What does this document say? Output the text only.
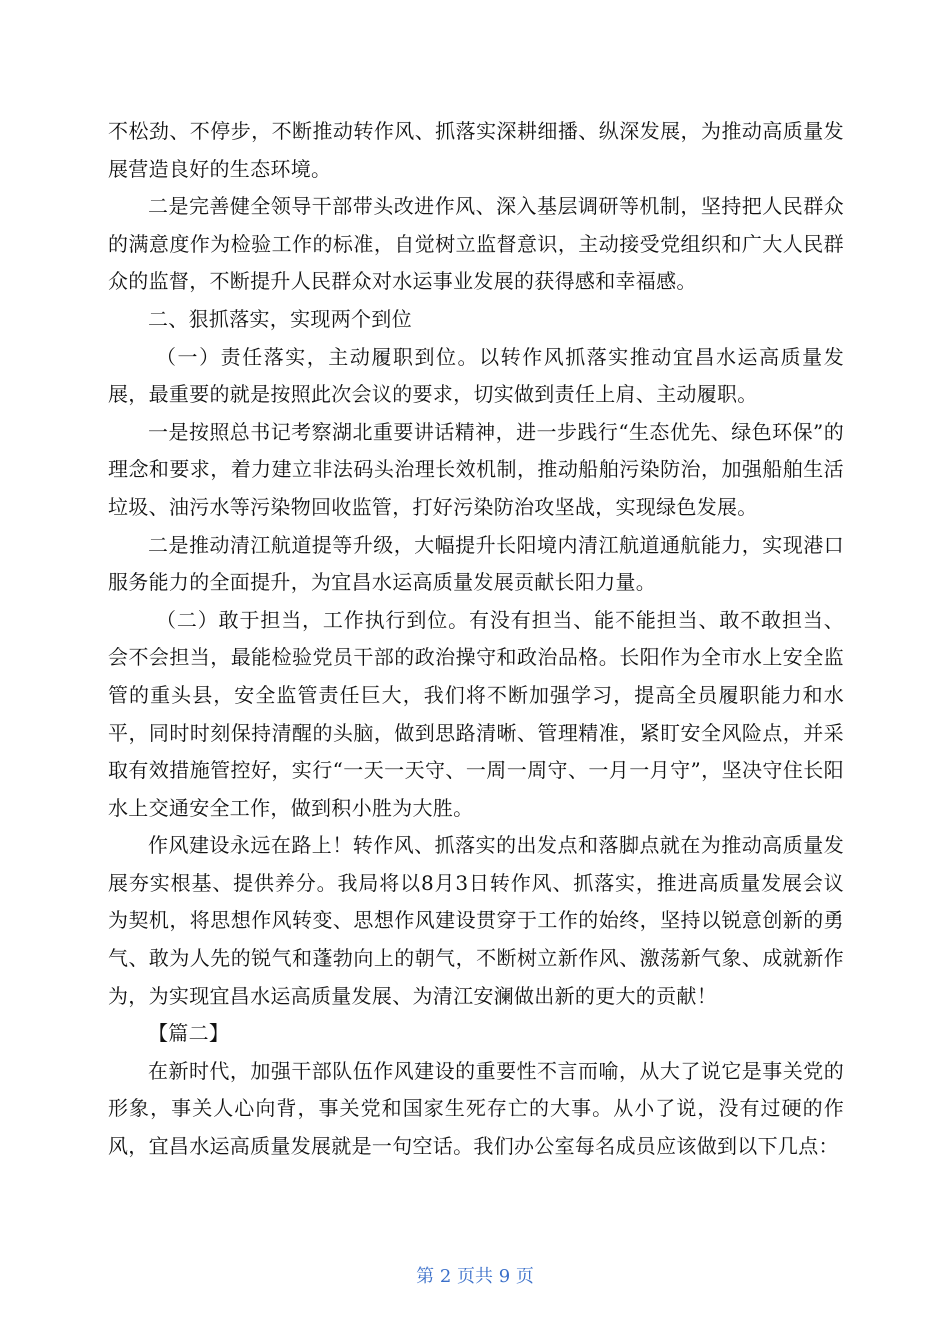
不松劲、不停步，不断推动转作风、抓落实深耕细播、纵深发展，为推动高质量发展营造良好的生态环境。

二是完善健全领导干部带头改进作风、深入基层调研等机制，坚持把人民群众的满意度作为检验工作的标准，自觉树立监督意识，主动接受党组织和广大人民群众的监督，不断提升人民群众对水运事业发展的获得感和幸福感。

二、狠抓落实，实现两个到位

（一）责任落实，主动履职到位。以转作风抓落实推动宜昌水运高质量发展，最重要的就是按照此次会议的要求，切实做到责任上肩、主动履职。

一是按照总书记考察湖北重要讲话精神，进一步践行“生态优先、绿色环保”的理念和要求，着力建立非法码头治理长效机制，推动船舶污染防治，加强船舶生活垃圾、油污水等污染物回收监管，打好污染防治攻坚战，实现绿色发展。

二是推动清江航道提等升级，大幅提升长阳境内清江航道通航能力，实现港口服务能力的全面提升，为宜昌水运高质量发展贡献长阳力量。

（二）敢于担当，工作执行到位。有没有担当、能不能担当、敢不敢担当、会不会担当，最能检验党员干部的政治操守和政治品格。长阳作为全市水上安全监管的重头县，安全监管责任巨大，我们将不断加强学习，提高全员履职能力和水平，同时时刻保持清醒的头脑，做到思路清晰、管理精准，紧盯安全风险点，并采取有效措施管控好，实行“一天一天守、一周一周守、一月一月守”，坚决守住长阳水上交通安全工作，做到积小胜为大胜。

作风建设永远在路上！转作风、抓落实的出发点和落脚点就在为推动高质量发展夯实根基、提供养分。我局将以8月3日转作风、抓落实，推进高质量发展会议为契机，将思想作风转变、思想作风建设贯穿于工作的始终，坚持以锐意创新的勇气、敢为人先的锐气和蓬勃向上的朝气，不断树立新作风、激荡新气象、成就新作为，为实现宜昌水运高质量发展、为清江安澜做出新的更大的贡献！

【篇二】

在新时代，加强干部队伍作风建设的重要性不言而喻，从大了说它是事关党的形象，事关人心向背，事关党和国家生死存亡的大事。从小了说，没有过硬的作风，宜昌水运高质量发展就是一句空话。我们办公室每名成员应该做到以下几点：

第 2 页共 9 页
